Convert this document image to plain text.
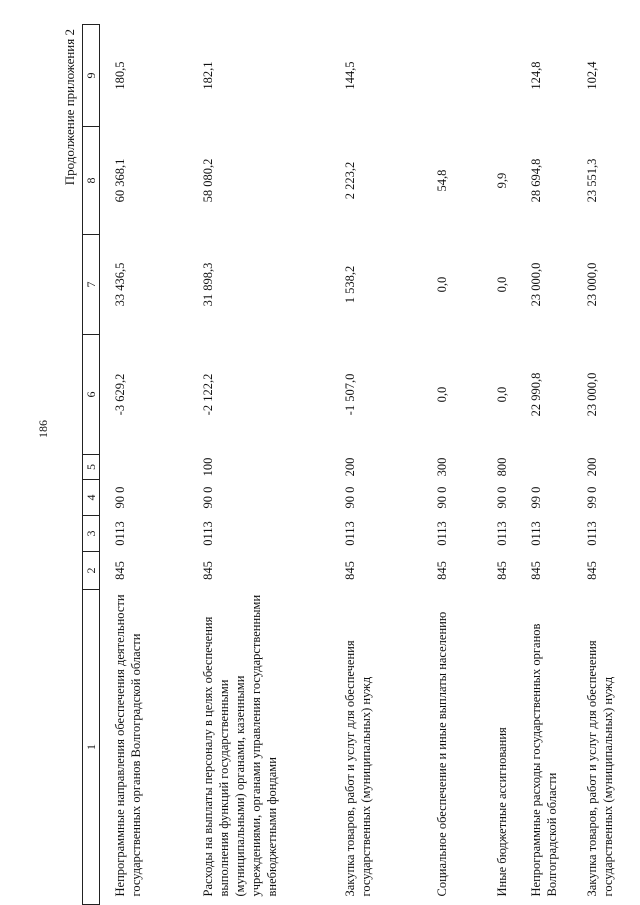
186
Продолжение приложения 2
1	2	3	4	5	6	7	8	9
Непрограммные направления обеспечения деятельности государственных органов Волгоградской области	845	0113	90 0		-3 629,2	33 436,5	60 368,1	180,5
Расходы на выплаты персоналу в целях обеспечения выполнения функций государственными (муниципальными) органами, казенными учреждениями, органами управления государственными внебюджетными фондами	845	0113	90 0	100	-2 122,2	31 898,3	58 080,2	182,1
Закупка товаров, работ и услуг для обеспечения государственных (муниципальных) нужд	845	0113	90 0	200	-1 507,0	1 538,2	2 223,2	144,5
Социальное обеспечение и иные выплаты населению	845	0113	90 0	300	0,0	0,0	54,8	
Иные бюджетные ассигнования	845	0113	90 0	800	0,0	0,0	9,9	
Непрограммные расходы государственных органов Волгоградской области	845	0113	99 0		22 990,8	23 000,0	28 694,8	124,8
Закупка товаров, работ и услуг для обеспечения государственных (муниципальных) нужд	845	0113	99 0	200	23 000,0	23 000,0	23 551,3	102,4
